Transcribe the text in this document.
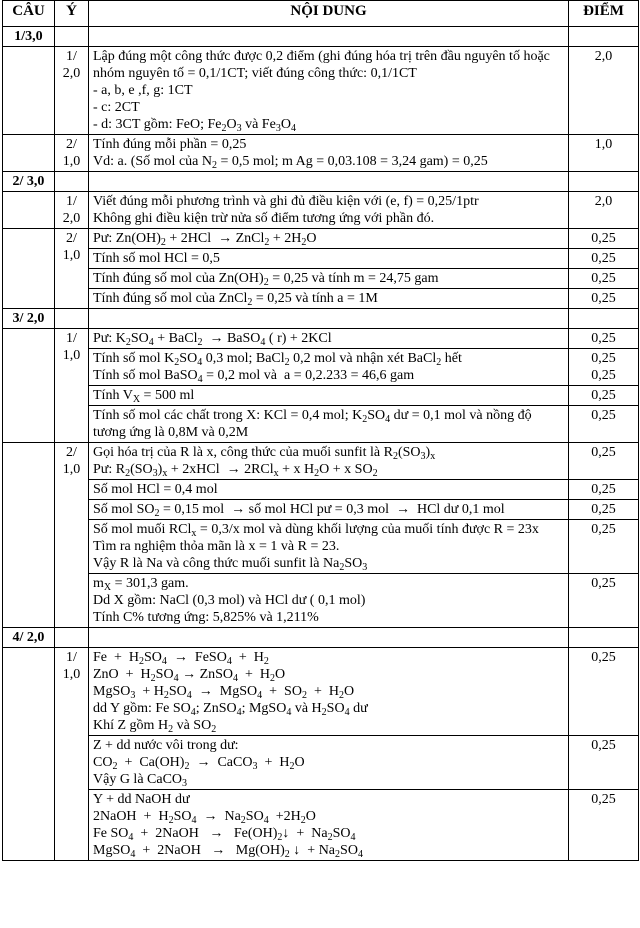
CÂU	Ý	NỘI DUNG	ĐIỂM
1/3,0			
	1/ 2,0	Lập đúng một công thức được 0,2 điểm (ghi đúng hóa trị trên đầu nguyên tố hoặc nhóm nguyên tố = 0,1/1CT; viết đúng công thức: 0,1/1CT
- a, b, e ,f, g: 1CT
- c: 2CT
- d: 3CT gồm: FeO; $Fe_2O_3$ và $Fe_3O_4$	2,0
	2/ 1,0	Tính đúng mỗi phần = 0,25
Vd: a. (Số mol của $N_2 = 0,5$ mol; m Ag = 0,03.108 = 3,24 gam) = 0,25	1,0
2/ 3,0			
	1/ 2,0	Viết đúng mỗi phương trình và ghi đủ điều kiện với (e, f) = 0,25/1ptr
Không ghi điều kiện trừ nửa số điểm tương ứng với phần đó.	2,0
	2/ 1,0	Pư: $Zn(OH)_2 + 2HCl$  → ZnCl$_2$ + $2H_2O$	0,25

		Tính số mol HCl = 0,5	0,25

		Tính đúng số mol của $Zn(OH)_2 = 0,25$ và tính m = 24,75 gam	0,25

		Tính đúng số mol của ZnCl$_2$ = 0,25 và tính a = 1M	0,25
3/ 2,0			
	1/ 1,0	Pư: $K_2SO_4$ + BaCl$_2$  → BaSO$_4$ ( r) + 2KCl	0,25

		Tính số mol $K_2SO_4$ 0,3 mol; BaCl$_2$ 0,2 mol và nhận xét BaCl$_2$ hết
Tính số mol BaSO$_4$ = 0,2 mol và  a = 0,2.233 = 46,6 gam	0,25
0,25

		Tính $V_X = 500$ ml	0,25

		Tính số mol các chất trong X: KCl = 0,4 mol; $K_2SO_4$ dư = 0,1 mol và nồng độ tương ứng là 0,8M và 0,2M	0,25
	2/ 1,0	Gọi hóa trị của R là x, công thức của muối sunfit là $R_2(SO_3)_x$
Pư: $R_2(SO_3)_x$ + 2xHCl  → 2RCl$_x$ + x $H_2O + x$ $SO_2$	0,25

		Số mol HCl = 0,4 mol	0,25

		Số mol $SO_2 = 0,15$ mol  → số mol HCl pư = 0,3 mol  →  HCl dư 0,1 mol	0,25

		Số mol muối RCl$_x$ = 0,3/x mol và dùng khối lượng của muối tính được R = 23x
Tìm ra nghiệm thỏa mãn là x = 1 và R = 23.
Vậy R là Na và công thức muối sunfit là $Na_2SO_3$	0,25

		$m_X = 301,3$ gam.
Dd X gồm: NaCl (0,3 mol) và HCl dư ( 0,1 mol)
Tính C% tương ứng: 5,825% và 1,211%	0,25
4/ 2,0			
	1/ 1,0	$Fe + H_2SO_4$  →  FeSO$_4$  +  $H_2$
ZnO  +  $H_2SO_4$ → ZnSO$_4$  +  $H_2O$
MgSO$_3$  + $H_2SO_4$  →  MgSO$_4$  +  $SO_2 + H_2O$
dd Y gồm: Fe $SO_4$; ZnSO$_4$; MgSO$_4$ và $H_2SO_4$ dư
Khí Z gồm $H_2$ và $SO_2$	0,25

		Z + dd nước vôi trong dư:
$CO_2 + Ca(OH)_2$  →  CaCO$_3$  +  $H_2O$
Vậy G là CaCO$_3$	0,25

		Y + dd NaOH dư
2NaOH  +  $H_2SO_4 \to Na_2SO_4 +2H_2O$
Fe $SO_4$  +  2NaOH   →   $Fe(OH)_2↓ + Na_2SO_4$
MgSO$_4$  +  2NaOH   →   $Mg(OH)_2$ ↓  + $Na_2SO_4$	0,25
